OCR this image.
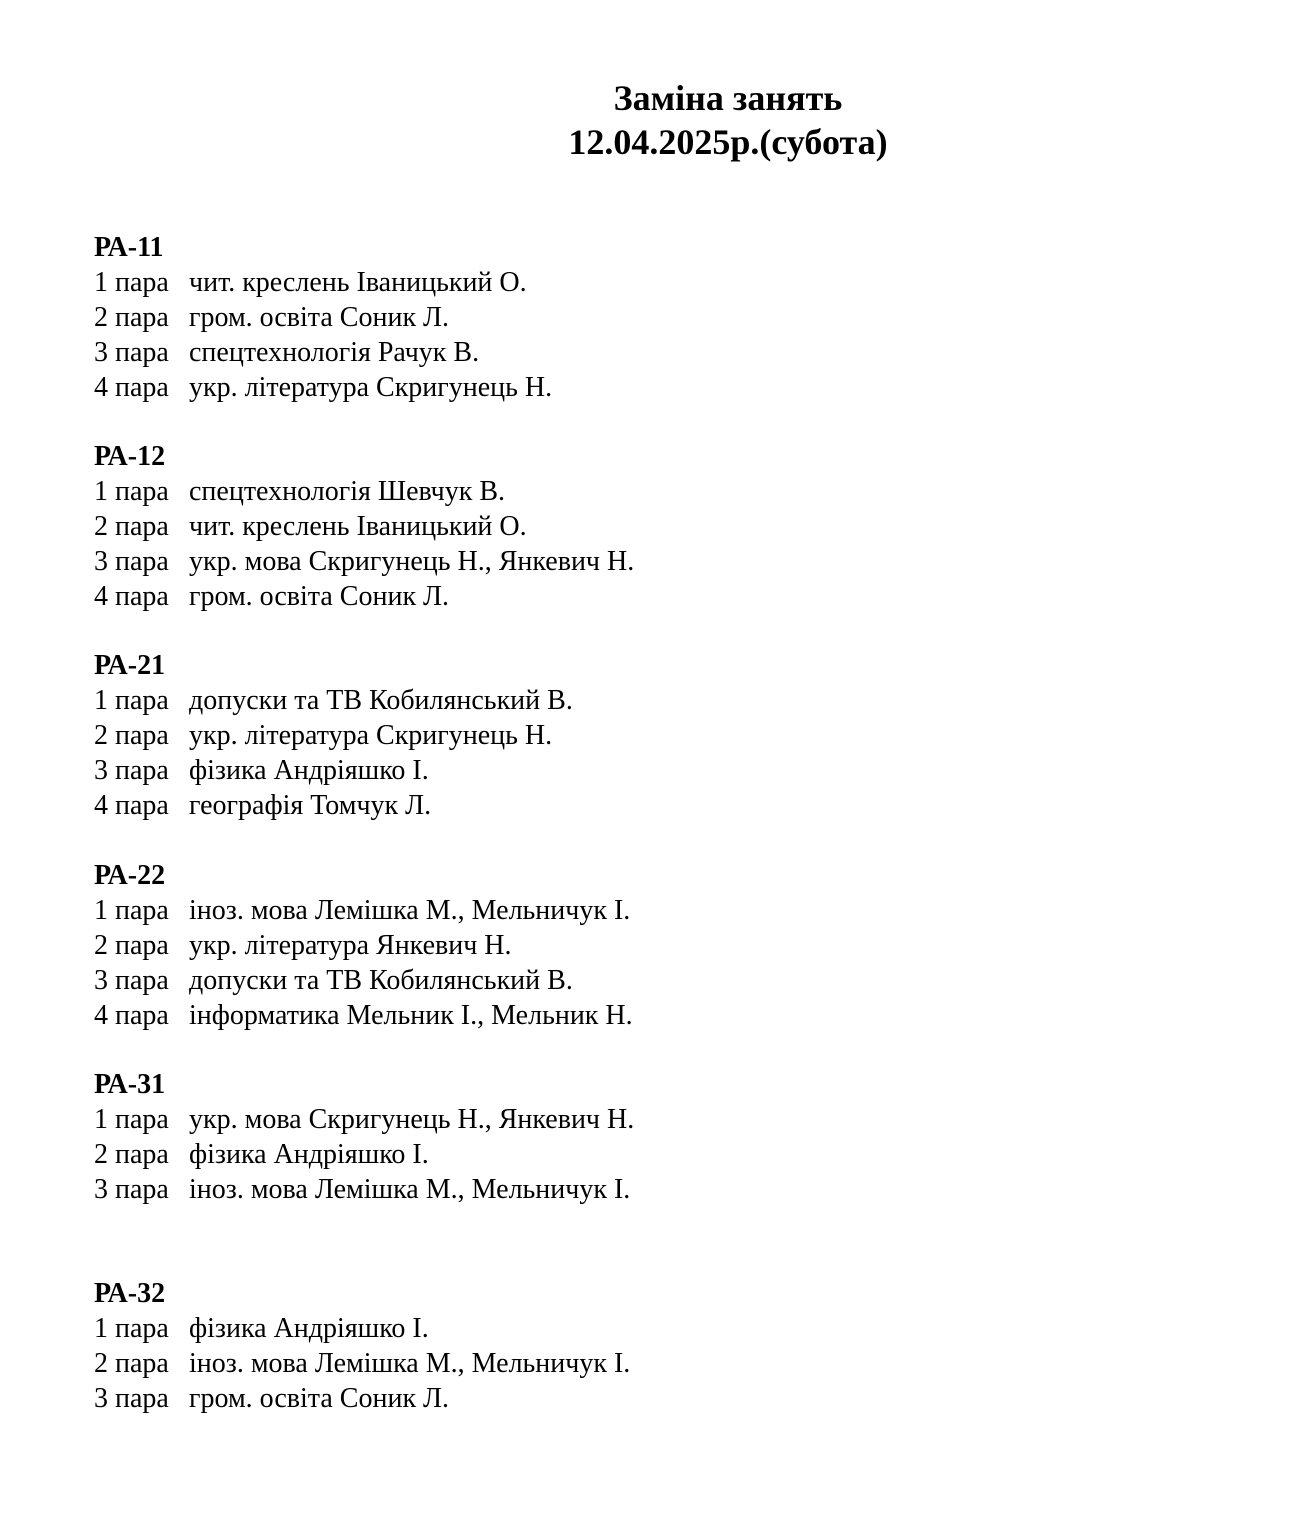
Заміна занять
12.04.2025р.(субота)
РА-11
1 пара чит. креслень Іваницький О.
2 пара гром. освіта Соник Л.
3 пара спецтехнологія Рачук В.
4 пара укр. література Скригунець Н.
РА-12
1 пара спецтехнологія Шевчук В.
2 пара чит. креслень Іваницький О.
3 пара укр. мова Скригунець Н., Янкевич Н.
4 пара гром. освіта Соник Л.
РА-21
1 пара допуски та ТВ Кобилянський В.
2 пара укр. література Скригунець Н.
3 пара фізика Андріяшко І.
4 пара географія Томчук Л.
РА-22
1 пара іноз. мова Лемішка М., Мельничук І.
2 пара укр. література Янкевич Н.
3 пара допуски та ТВ Кобилянський В.
4 пара інформатика Мельник І., Мельник Н.
РА-31
1 пара укр. мова Скригунець Н., Янкевич Н.
2 пара фізика Андріяшко І.
3 пара іноз. мова Лемішка М., Мельничук І.
РА-32
1 пара фізика Андріяшко І.
2 пара іноз. мова Лемішка М., Мельничук І.
3 пара гром. освіта Соник Л.
